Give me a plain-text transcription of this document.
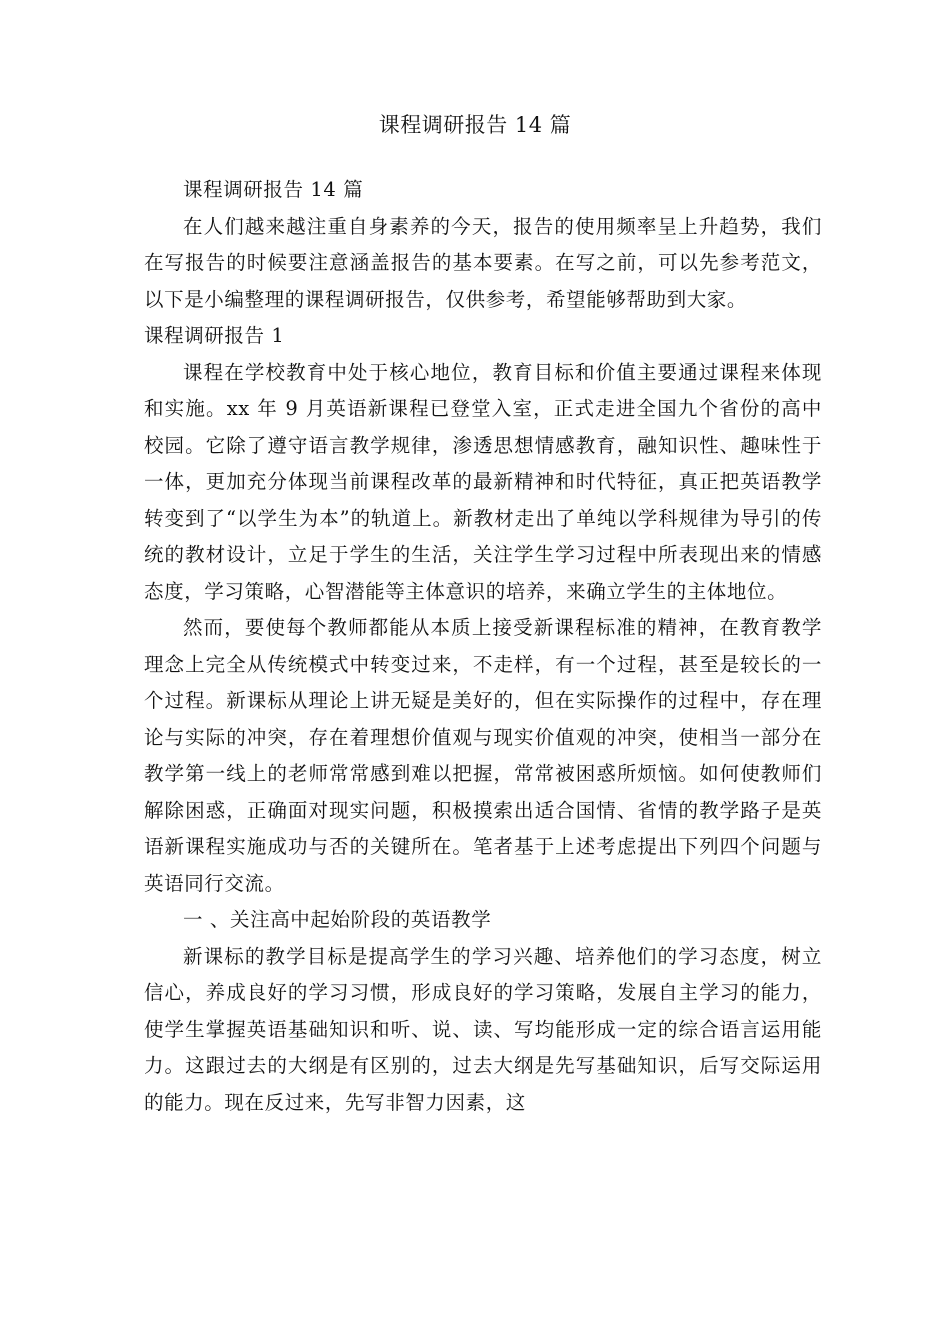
课程调研报告 14 篇

课程调研报告 14 篇

在人们越来越注重自身素养的今天，报告的使用频率呈上升趋势，我们在写报告的时候要注意涵盖报告的基本要素。在写之前，可以先参考范文，以下是小编整理的课程调研报告，仅供参考，希望能够帮助到大家。

课程调研报告 1

课程在学校教育中处于核心地位，教育目标和价值主要通过课程来体现和实施。xx 年 9 月英语新课程已登堂入室，正式走进全国九个省份的高中校园。它除了遵守语言教学规律，渗透思想情感教育，融知识性、趣味性于一体，更加充分体现当前课程改革的最新精神和时代特征，真正把英语教学转变到了“以学生为本”的轨道上。新教材走出了单纯以学科规律为导引的传统的教材设计，立足于学生的生活，关注学生学习过程中所表现出来的情感态度，学习策略，心智潜能等主体意识的培养，来确立学生的主体地位。

然而，要使每个教师都能从本质上接受新课程标准的精神，在教育教学理念上完全从传统模式中转变过来，不走样，有一个过程，甚至是较长的一个过程。新课标从理论上讲无疑是美好的，但在实际操作的过程中，存在理论与实际的冲突，存在着理想价值观与现实价值观的冲突，使相当一部分在教学第一线上的老师常常感到难以把握，常常被困惑所烦恼。如何使教师们解除困惑，正确面对现实问题，积极摸索出适合国情、省情的教学路子是英语新课程实施成功与否的关键所在。笔者基于上述考虑提出下列四个问题与英语同行交流。

一 、关注高中起始阶段的英语教学

新课标的教学目标是提高学生的学习兴趣、培养他们的学习态度，树立信心，养成良好的学习习惯，形成良好的学习策略，发展自主学习的能力，使学生掌握英语基础知识和听、说、读、写均能形成一定的综合语言运用能力。这跟过去的大纲是有区别的，过去大纲是先写基础知识，后写交际运用的能力。现在反过来，先写非智力因素，这
